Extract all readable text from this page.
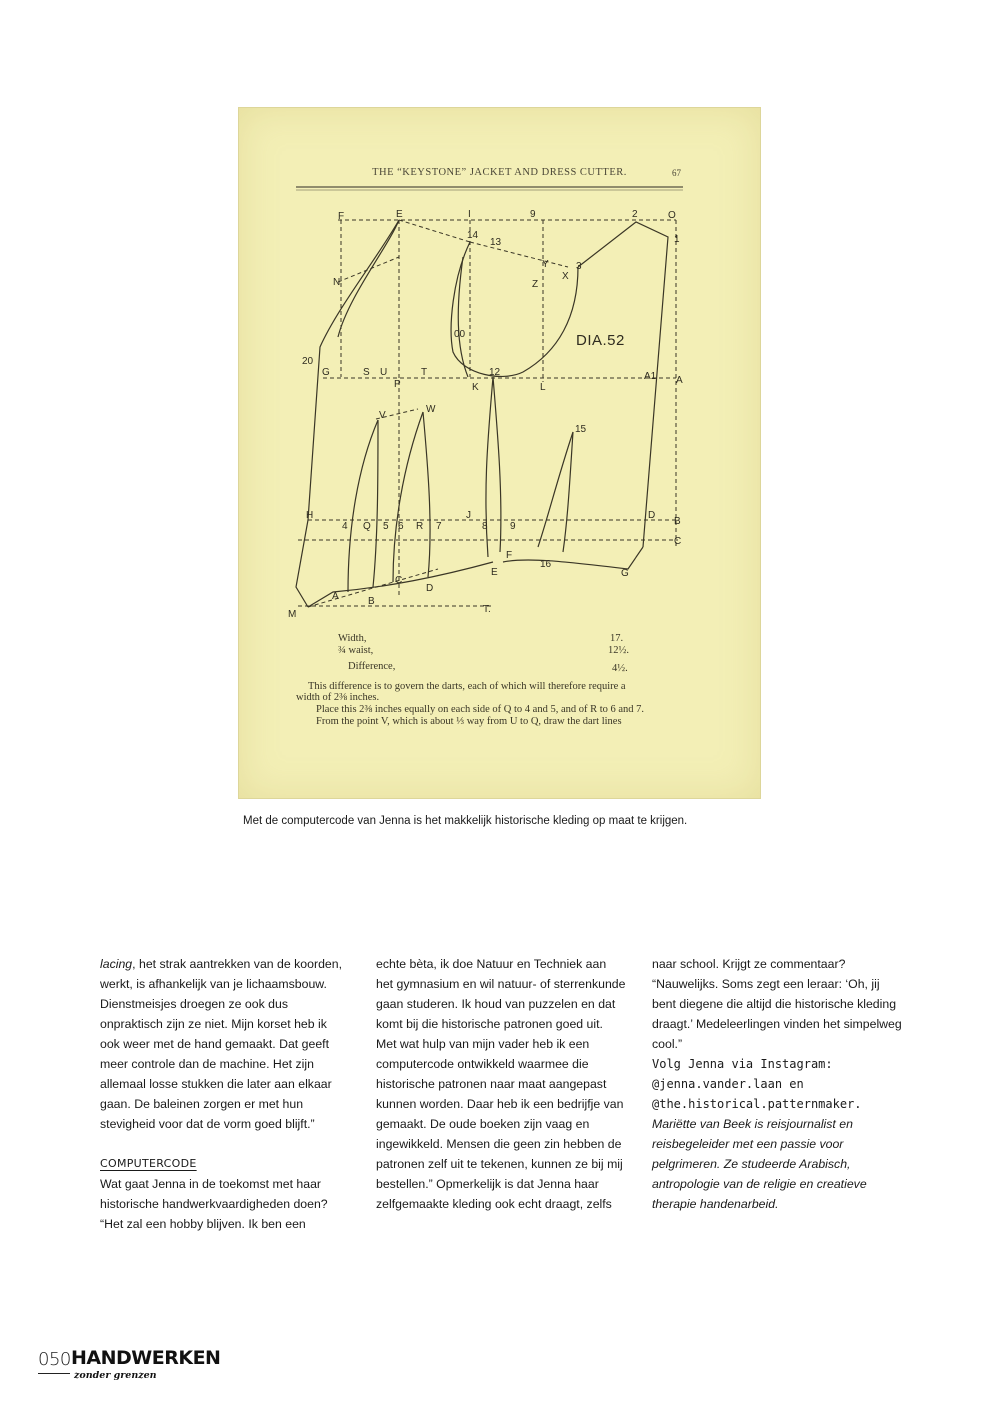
THE “KEYSTONE” JACKET AND DRESS CUTTER.	67
F	E	I	9	2	O
14
13	1
Y
X
3
Z
N
00
20
G	S U	T	12	A1 A
P	K	L
V
W
15
H	J	D
B
4 Q 5 6 R 7	8 9
C
F
16
C
E	G
D
A	B
M	T.
DIA.52
Width,	17.
¾ waist,	12½.
Difference,	4½.
This difference is to govern the darts, each of which will therefore require a
width of 2⅜ inches.
Place this 2⅜ inches equally on each side of Q to 4 and 5, and of R to 6 and 7.
From the point V, which is about ⅓ way from U to Q, draw the dart lines
Met de computercode van Jenna is het makkelijk historische kleding op maat te krijgen.

lacing, het strak aantrekken van de koorden, werkt, is afhankelijk van je lichaamsbouw. Dienstmeisjes droegen ze ook dus onpraktisch zijn ze niet. Mijn korset heb ik ook weer met de hand gemaakt. Dat geeft meer controle dan de machine. Het zijn allemaal losse stukken die later aan elkaar gaan. De baleinen zorgen er met hun stevigheid voor dat de vorm goed blijft.”

COMPUTERCODE

Wat gaat Jenna in de toekomst met haar historische handwerkvaardigheden doen? “Het zal een hobby blijven. Ik ben een

echte bèta, ik doe Natuur en Techniek aan het gymnasium en wil natuur- of sterrenkunde gaan studeren. Ik houd van puzzelen en dat komt bij die historische patronen goed uit. Met wat hulp van mijn vader heb ik een computercode ontwikkeld waarmee die historische patronen naar maat aangepast kunnen worden. Daar heb ik een bedrijfje van gemaakt. De oude boeken zijn vaag en ingewikkeld. Mensen die geen zin hebben de patronen zelf uit te tekenen, kunnen ze bij mij bestellen.” Opmerkelijk is dat Jenna haar zelfgemaakte kleding ook echt draagt, zelfs

naar school. Krijgt ze commentaar? “Nauwelijks. Soms zegt een leraar: ‘Oh, jij bent diegene die altijd die historische kleding draagt.’ Medeleerlingen vinden het simpelweg cool.”

Volg Jenna via Instagram: @jenna.vander.laan en @the.historical.patternmaker.

Mariëtte van Beek is reisjournalist en reisbegeleider met een passie voor pelgrimeren. Ze studeerde Arabisch, antropologie van de religie en creatieve therapie handenarbeid.

050 HANDWERKEN
zonder grenzen
